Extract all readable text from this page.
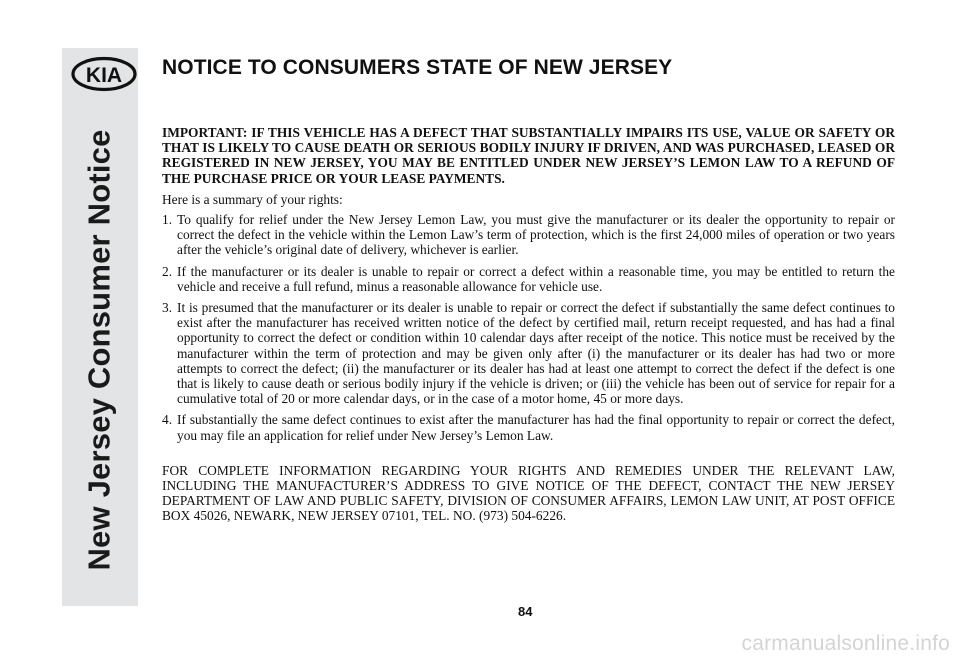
KIA
New Jersey Consumer Notice
NOTICE TO CONSUMERS STATE OF NEW JERSEY

IMPORTANT: IF THIS VEHICLE HAS A DEFECT THAT SUBSTANTIALLY IMPAIRS ITS USE, VALUE OR SAFETY OR THAT IS LIKELY TO CAUSE DEATH OR SERIOUS BODILY INJURY IF DRIVEN, AND WAS PURCHASED, LEASED OR REGISTERED IN NEW JERSEY, YOU MAY BE ENTITLED UNDER NEW JERSEY’S LEMON LAW TO A REFUND OF THE PURCHASE PRICE OR YOUR LEASE PAYMENTS.

Here is a summary of your rights:

1. To qualify for relief under the New Jersey Lemon Law, you must give the manufacturer or its dealer the opportunity to repair or correct the defect in the vehicle within the Lemon Law’s term of protection, which is the first 24,000 miles of operation or two years after the vehicle’s original date of delivery, whichever is earlier.
2. If the manufacturer or its dealer is unable to repair or correct a defect within a reasonable time, you may be entitled to return the vehicle and receive a full refund, minus a reasonable allowance for vehicle use.
3. It is presumed that the manufacturer or its dealer is unable to repair or correct the defect if substantially the same defect continues to exist after the manufacturer has received written notice of the defect by certified mail, return receipt requested, and has had a final opportunity to correct the defect or condition within 10 calendar days after receipt of the notice. This notice must be received by the manufacturer within the term of protection and may be given only after (i) the manufacturer or its dealer has had two or more attempts to correct the defect; (ii) the manufacturer or its dealer has had at least one attempt to correct the defect if the defect is one that is likely to cause death or serious bodily injury if the vehicle is driven; or (iii) the vehicle has been out of service for repair for a cumulative total of 20 or more calendar days, or in the case of a motor home, 45 or more days.
4. If substantially the same defect continues to exist after the manufacturer has had the final opportunity to repair or correct the defect, you may file an application for relief under New Jersey’s Lemon Law.

FOR COMPLETE INFORMATION REGARDING YOUR RIGHTS AND REMEDIES UNDER THE RELEVANT LAW, INCLUDING THE MANUFACTURER’S ADDRESS TO GIVE NOTICE OF THE DEFECT, CONTACT THE NEW JERSEY DEPARTMENT OF LAW AND PUBLIC SAFETY, DIVISION OF CONSUMER AFFAIRS, LEMON LAW UNIT, AT POST OFFICE BOX 45026, NEWARK, NEW JERSEY 07101, TEL. NO. (973) 504-6226.

84
carmanualsonline.info
